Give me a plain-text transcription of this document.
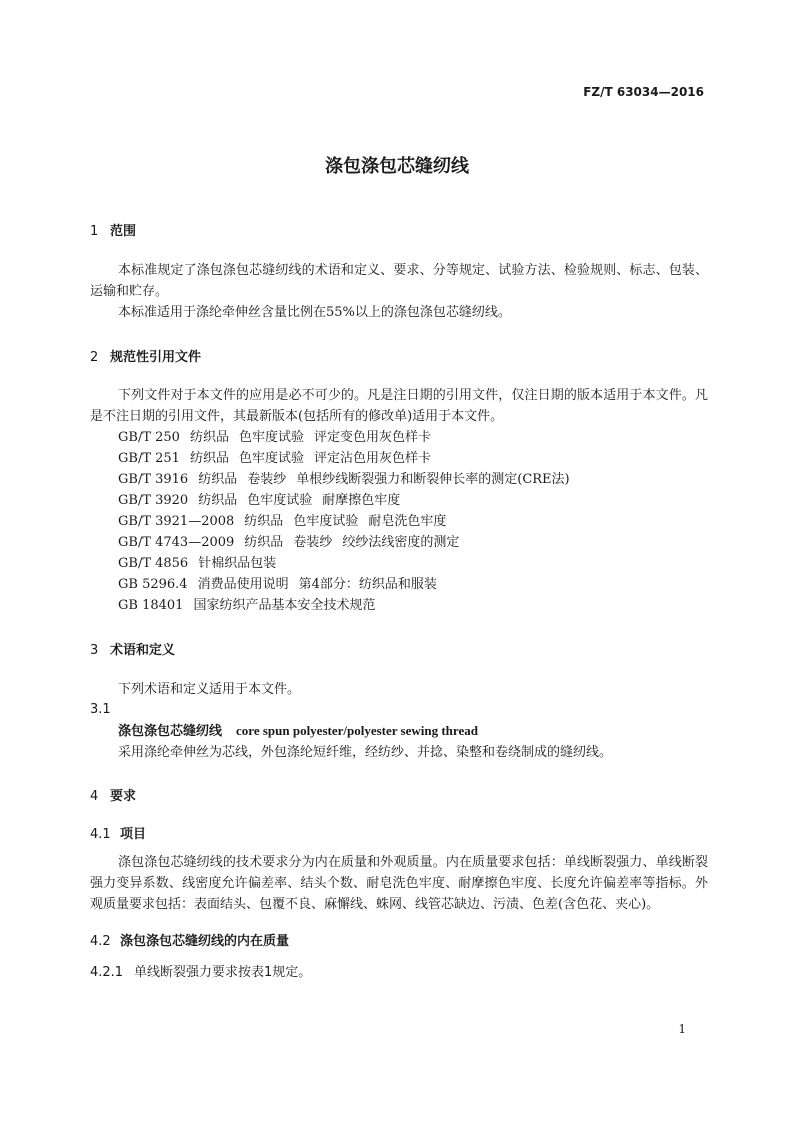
FZ/T 63034—2016
涤包涤包芯缝纫线
1 范围

本标准规定了涤包涤包芯缝纫线的术语和定义、要求、分等规定、试验方法、检验规则、标志、包装、运输和贮存。

本标准适用于涤纶牵伸丝含量比例在55%以上的涤包涤包芯缝纫线。

2 规范性引用文件

下列文件对于本文件的应用是必不可少的。凡是注日期的引用文件，仅注日期的版本适用于本文件。凡是不注日期的引用文件，其最新版本(包括所有的修改单)适用于本文件。

GB/T 250 纺织品 色牢度试验 评定变色用灰色样卡

GB/T 251 纺织品 色牢度试验 评定沾色用灰色样卡

GB/T 3916 纺织品 卷装纱 单根纱线断裂强力和断裂伸长率的测定(CRE法)

GB/T 3920 纺织品 色牢度试验 耐摩擦色牢度

GB/T 3921—2008 纺织品 色牢度试验 耐皂洗色牢度

GB/T 4743—2009 纺织品 卷装纱 绞纱法线密度的测定

GB/T 4856 针棉织品包装

GB 5296.4 消费品使用说明 第4部分：纺织品和服装

GB 18401 国家纺织产品基本安全技术规范

3 术语和定义

下列术语和定义适用于本文件。

3.1
涤包涤包芯缝纫线 core spun polyester/polyester sewing thread

采用涤纶牵伸丝为芯线，外包涤纶短纤维，经纺纱、并捻、染整和卷绕制成的缝纫线。

4 要求
4.1 项目

涤包涤包芯缝纫线的技术要求分为内在质量和外观质量。内在质量要求包括：单线断裂强力、单线断裂强力变异系数、线密度允许偏差率、结头个数、耐皂洗色牢度、耐摩擦色牢度、长度允许偏差率等指标。外观质量要求包括：表面结头、包覆不良、麻懈线、蛛网、线管芯缺边、污渍、色差(含色花、夹心)。

4.2 涤包涤包芯缝纫线的内在质量
4.2.1 单线断裂强力要求按表1规定。
1
